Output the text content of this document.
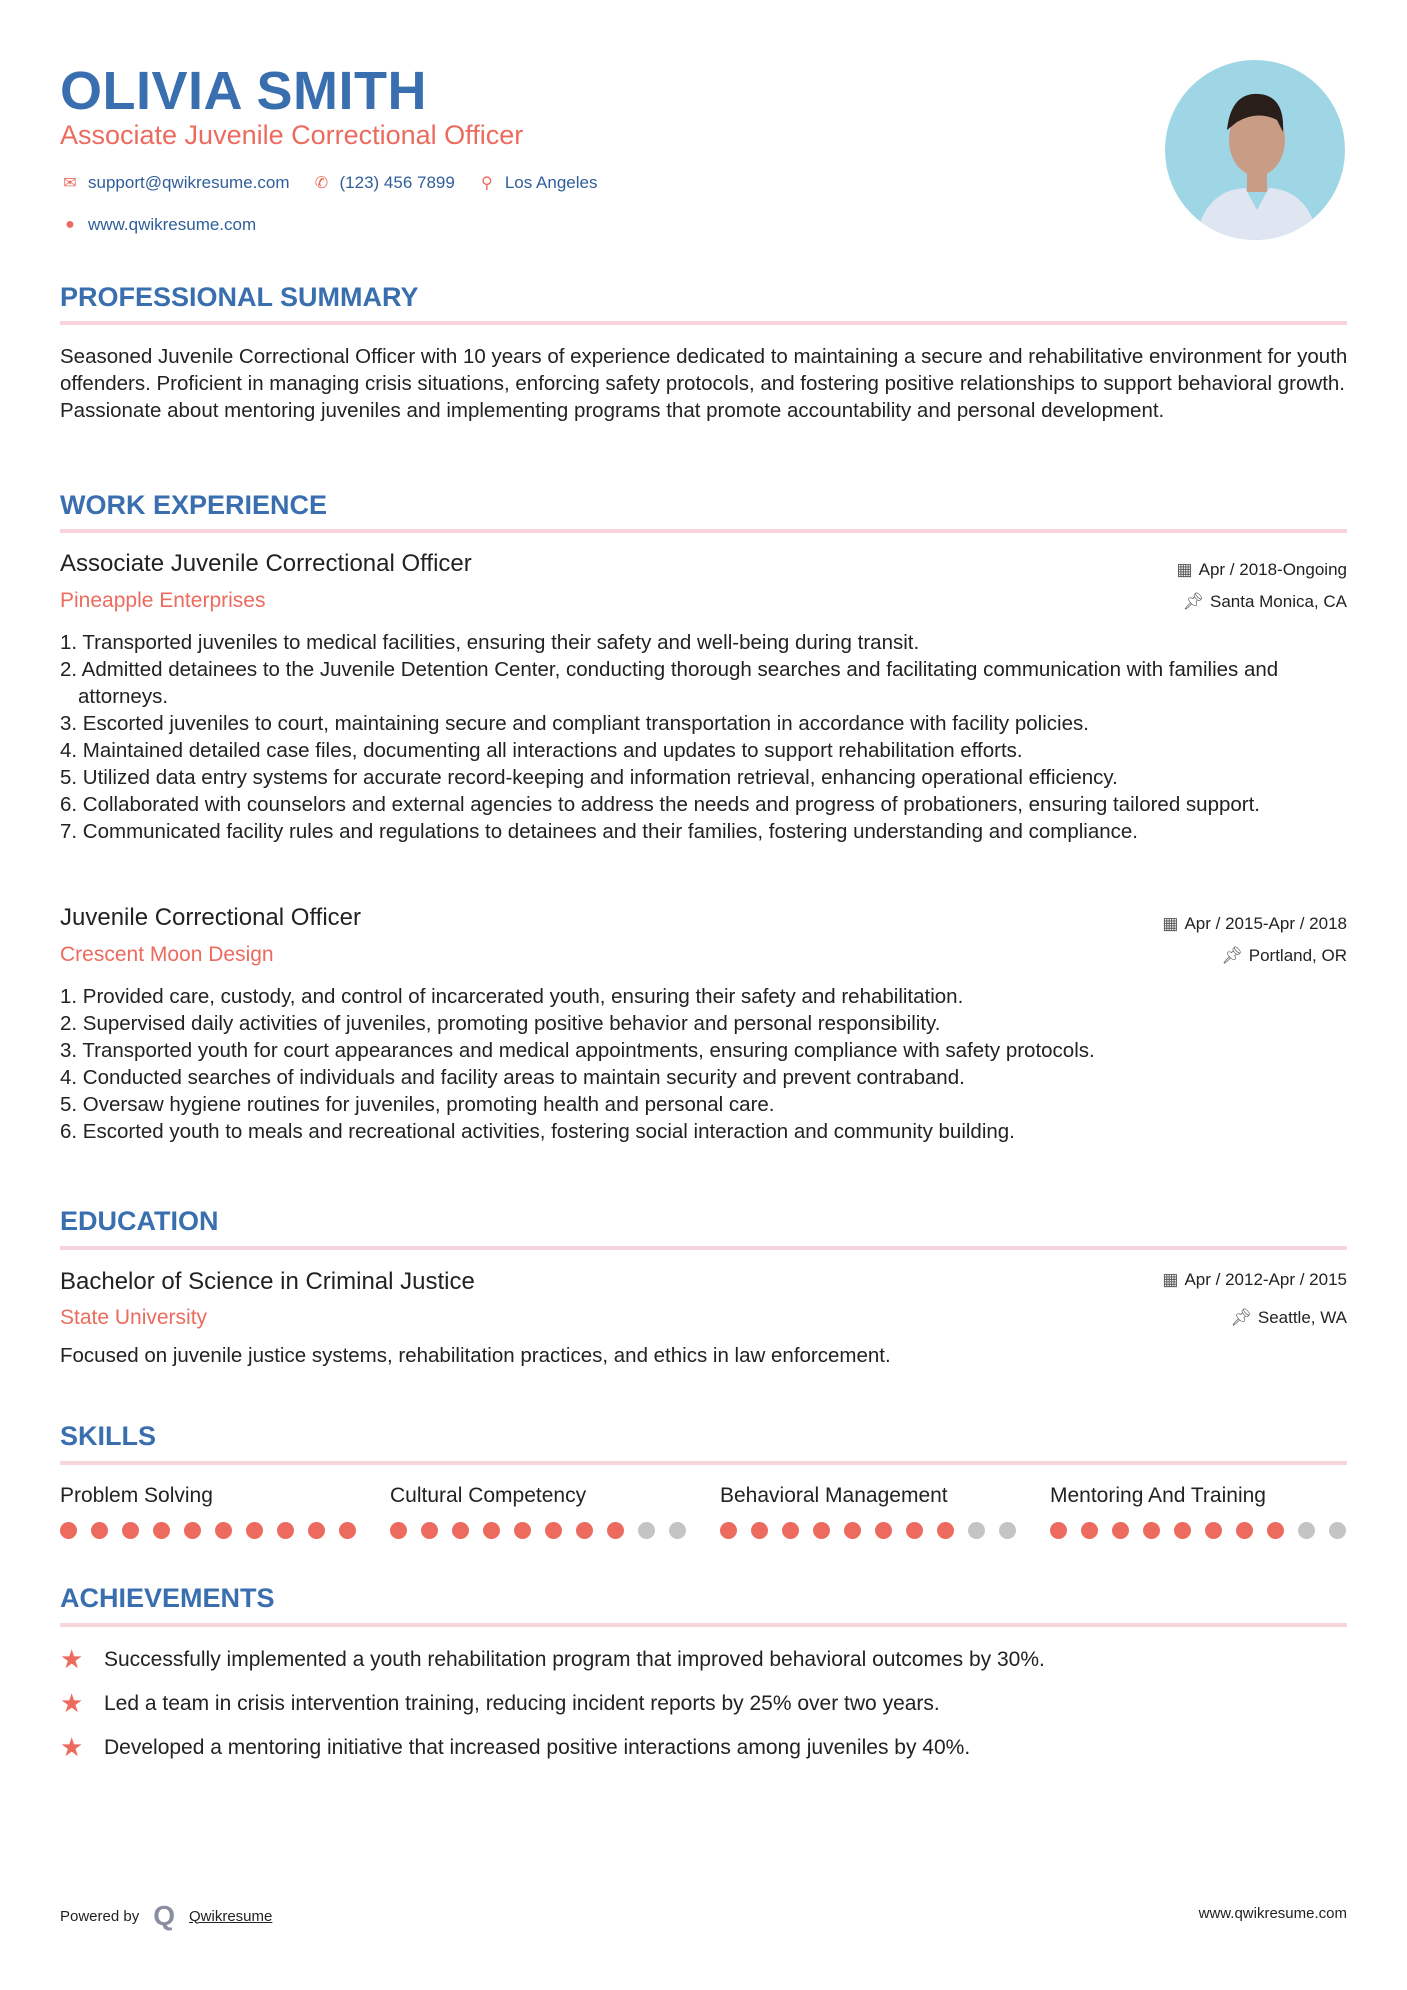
OLIVIA SMITH
Associate Juvenile Correctional Officer
✉ support@qwikresume.com ✆ (123) 456 7899 ⚲ Los Angeles
● www.qwikresume.com
PROFESSIONAL SUMMARY
Seasoned Juvenile Correctional Officer with 10 years of experience dedicated to maintaining a secure and rehabilitative environment for youth offenders. Proficient in managing crisis situations, enforcing safety protocols, and fostering positive relationships to support behavioral growth. Passionate about mentoring juveniles and implementing programs that promote accountability and personal development.
WORK EXPERIENCE
Associate Juvenile Correctional Officer
Pineapple Enterprises
▦ Apr / 2018-Ongoing
📌︎ Santa Monica, CA
1. Transported juveniles to medical facilities, ensuring their safety and well-being during transit.
2. Admitted detainees to the Juvenile Detention Center, conducting thorough searches and facilitating communication with families and attorneys.
3. Escorted juveniles to court, maintaining secure and compliant transportation in accordance with facility policies.
4. Maintained detailed case files, documenting all interactions and updates to support rehabilitation efforts.
5. Utilized data entry systems for accurate record-keeping and information retrieval, enhancing operational efficiency.
6. Collaborated with counselors and external agencies to address the needs and progress of probationers, ensuring tailored support.
7. Communicated facility rules and regulations to detainees and their families, fostering understanding and compliance.
Juvenile Correctional Officer
Crescent Moon Design
▦ Apr / 2015-Apr / 2018
📌︎ Portland, OR
1. Provided care, custody, and control of incarcerated youth, ensuring their safety and rehabilitation.
2. Supervised daily activities of juveniles, promoting positive behavior and personal responsibility.
3. Transported youth for court appearances and medical appointments, ensuring compliance with safety protocols.
4. Conducted searches of individuals and facility areas to maintain security and prevent contraband.
5. Oversaw hygiene routines for juveniles, promoting health and personal care.
6. Escorted youth to meals and recreational activities, fostering social interaction and community building.
EDUCATION
Bachelor of Science in Criminal Justice
State University
▦ Apr / 2012-Apr / 2015
📌︎ Seattle, WA
Focused on juvenile justice systems, rehabilitation practices, and ethics in law enforcement.
SKILLS
Problem Solving	Cultural Competency	Behavioral Management	Mentoring And Training
ACHIEVEMENTS
★ Successfully implemented a youth rehabilitation program that improved behavioral outcomes by 30%.
★ Led a team in crisis intervention training, reducing incident reports by 25% over two years.
★ Developed a mentoring initiative that increased positive interactions among juveniles by 40%.
Powered by Q Qwikresume	www.qwikresume.com
